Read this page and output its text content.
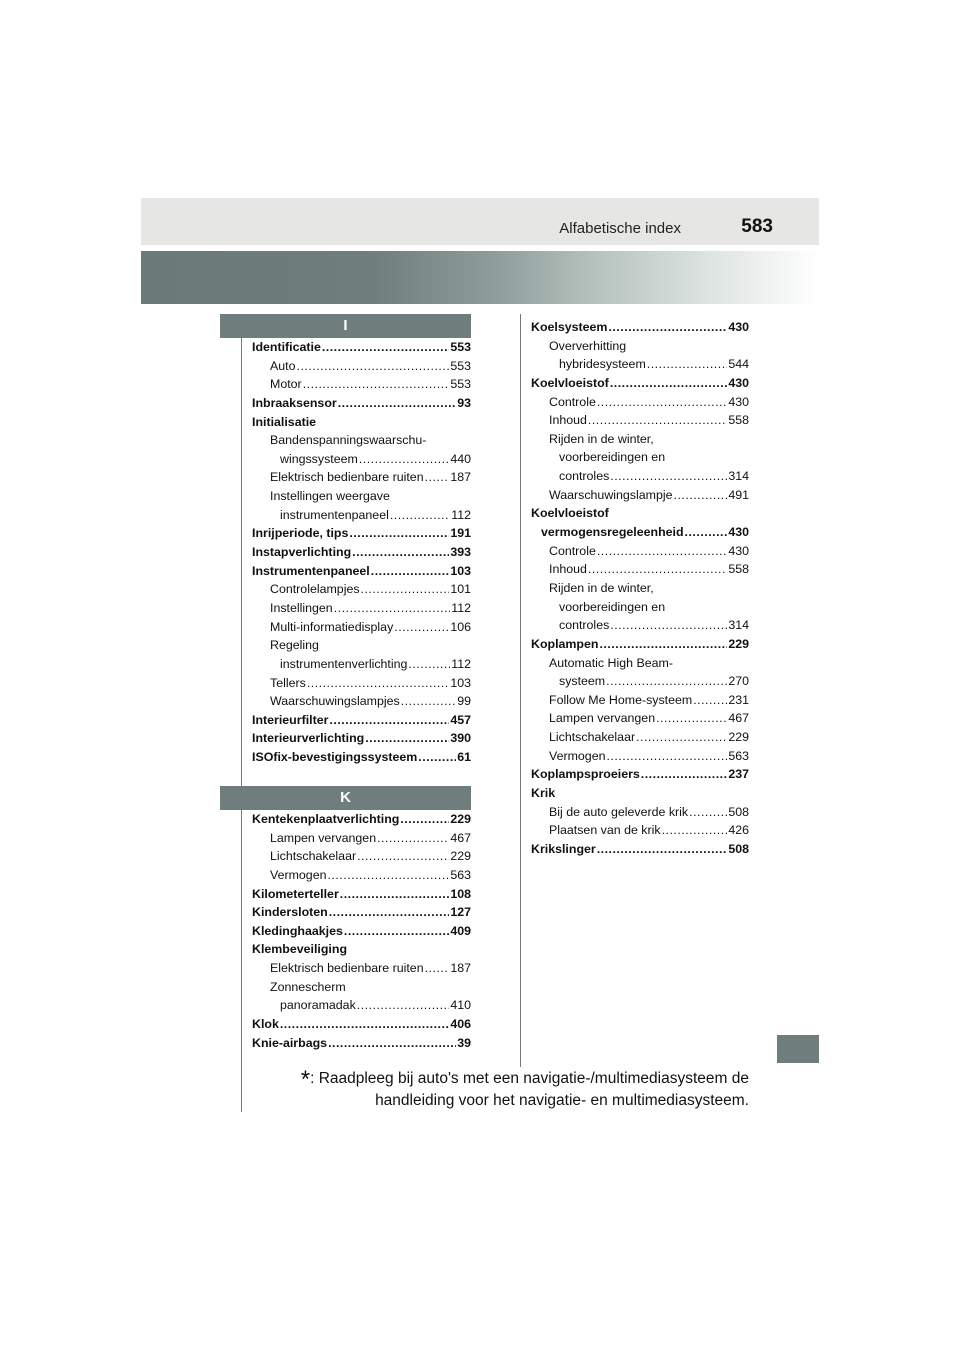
Alfabetische index	583
I
Identificatie .....	553
Auto .....	553
Motor .....	553
Inbraaksensor .....	93
Initialisatie
Bandenspanningswaarschu-
wingssysteem .....	440
Elektrisch bedienbare ruiten ..... 187
Instellingen weergave
instrumentenpaneel .....	112
Inrijperiode, tips .....	191
Instapverlichting .....	393
Instrumentenpaneel .....	103
Controlelampjes .....	101
Instellingen .....	112
Multi-informatiedisplay .....	106
Regeling
instrumentenverlichting .....	112
Tellers .....	103
Waarschuwingslampjes .....	99
Interieurfilter .....	457
Interieurverlichting .....	390
ISOfix-bevestigingssysteem .....	61
K
Kentekenplaatverlichting .....	229
Lampen vervangen .....	467
Lichtschakelaar .....	229
Vermogen .....	563
Kilometerteller .....	108
Kindersloten .....	127
Kledinghaakjes .....	409
Klembeveiliging
Elektrisch bedienbare ruiten ..... 187
Zonnescherm
panoramadak .....	410
Klok .....	406
Knie-airbags .....	39
Koelsysteem .....	430
Oververhitting
hybridesysteem .....	544
Koelvloeistof .....	430
Controle .....	430
Inhoud .....	558
Rijden in de winter,
voorbereidingen en
controles .....	314
Waarschuwingslampje .....	491
Koelvloeistof
vermogensregeleenheid .....	430
Controle .....	430
Inhoud .....	558
Rijden in de winter,
voorbereidingen en
controles .....	314
Koplampen .....	229
Automatic High Beam-
systeem .....	270
Follow Me Home-systeem .....	231
Lampen vervangen .....	467
Lichtschakelaar .....	229
Vermogen .....	563
Koplampsproeiers .....	237
Krik
Bij de auto geleverde krik .....	508
Plaatsen van de krik .....	426
Krikslinger .....	508
*: Raadpleeg bij auto's met een navigatie-/multimediasysteem de
handleiding voor het navigatie- en multimediasysteem.
